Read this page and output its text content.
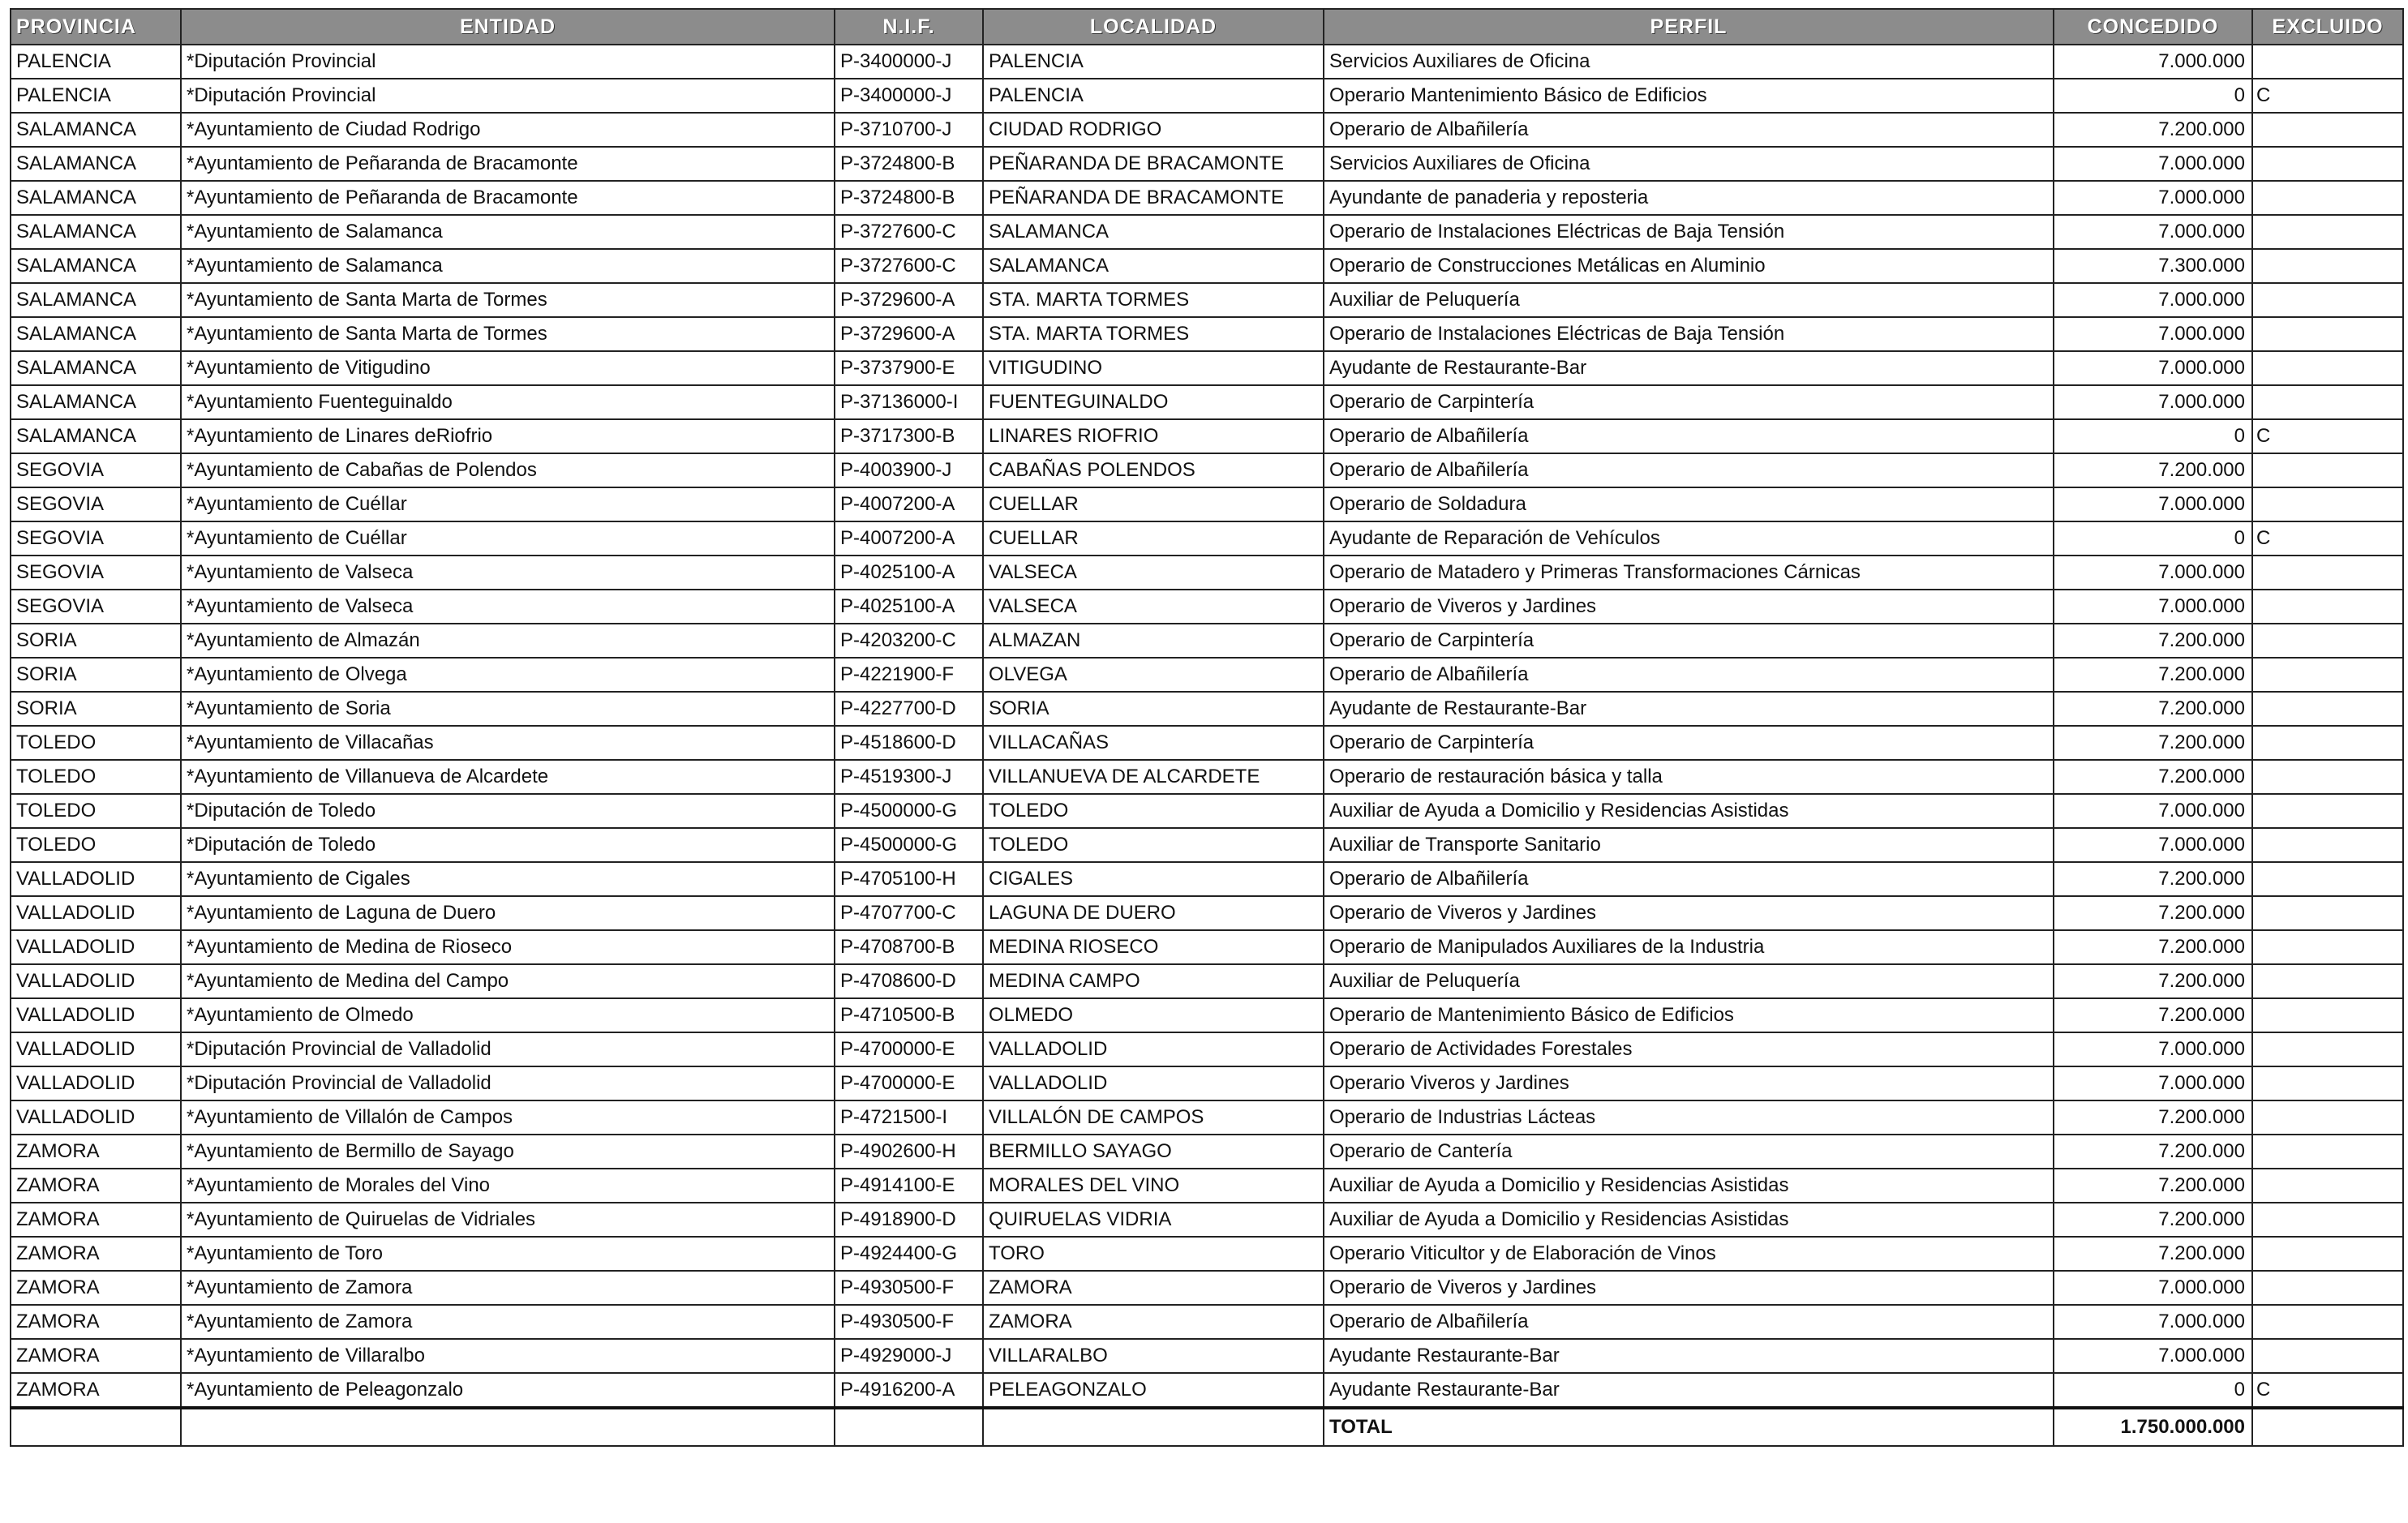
PROVINCIA	ENTIDAD	N.I.F.	LOCALIDAD	PERFIL	CONCEDIDO	EXCLUIDO
PALENCIA	*Diputación Provincial	P-3400000-J	PALENCIA	Servicios Auxiliares de Oficina	7.000.000	
PALENCIA	*Diputación Provincial	P-3400000-J	PALENCIA	Operario Mantenimiento Básico de Edificios	0	C
SALAMANCA	*Ayuntamiento de Ciudad Rodrigo	P-3710700-J	CIUDAD RODRIGO	Operario de Albañilería	7.200.000	
SALAMANCA	*Ayuntamiento de Peñaranda de Bracamonte	P-3724800-B	PEÑARANDA DE BRACAMONTE	Servicios Auxiliares de Oficina	7.000.000	
SALAMANCA	*Ayuntamiento de Peñaranda de Bracamonte	P-3724800-B	PEÑARANDA DE BRACAMONTE	Ayundante de panaderia y reposteria	7.000.000	
SALAMANCA	*Ayuntamiento de Salamanca	P-3727600-C	SALAMANCA	Operario de Instalaciones Eléctricas de Baja Tensión	7.000.000	
SALAMANCA	*Ayuntamiento de Salamanca	P-3727600-C	SALAMANCA	Operario de Construcciones Metálicas en Aluminio	7.300.000	
SALAMANCA	*Ayuntamiento de Santa Marta de Tormes	P-3729600-A	STA. MARTA TORMES	Auxiliar de Peluquería	7.000.000	
SALAMANCA	*Ayuntamiento de Santa Marta de Tormes	P-3729600-A	STA. MARTA TORMES	Operario de Instalaciones Eléctricas de Baja Tensión	7.000.000	
SALAMANCA	*Ayuntamiento de Vitigudino	P-3737900-E	VITIGUDINO	Ayudante de Restaurante-Bar	7.000.000	
SALAMANCA	*Ayuntamiento Fuenteguinaldo	P-37136000-I	FUENTEGUINALDO	Operario de Carpintería	7.000.000	
SALAMANCA	*Ayuntamiento de Linares deRiofrio	P-3717300-B	LINARES RIOFRIO	Operario de Albañilería	0	C
SEGOVIA	*Ayuntamiento de Cabañas de Polendos	P-4003900-J	CABAÑAS POLENDOS	Operario de Albañilería	7.200.000	
SEGOVIA	*Ayuntamiento de Cuéllar	P-4007200-A	CUELLAR	Operario de Soldadura	7.000.000	
SEGOVIA	*Ayuntamiento de Cuéllar	P-4007200-A	CUELLAR	Ayudante de Reparación de Vehículos	0	C
SEGOVIA	*Ayuntamiento de Valseca	P-4025100-A	VALSECA	Operario de Matadero y Primeras Transformaciones Cárnicas	7.000.000	
SEGOVIA	*Ayuntamiento de Valseca	P-4025100-A	VALSECA	Operario de Viveros y Jardines	7.000.000	
SORIA	*Ayuntamiento de Almazán	P-4203200-C	ALMAZAN	Operario de Carpintería	7.200.000	
SORIA	*Ayuntamiento de Olvega	P-4221900-F	OLVEGA	Operario de Albañilería	7.200.000	
SORIA	*Ayuntamiento de Soria	P-4227700-D	SORIA	Ayudante de Restaurante-Bar	7.200.000	
TOLEDO	*Ayuntamiento de Villacañas	P-4518600-D	VILLACAÑAS	Operario de Carpintería	7.200.000	
TOLEDO	*Ayuntamiento de Villanueva de Alcardete	P-4519300-J	VILLANUEVA DE ALCARDETE	Operario de restauración básica y talla	7.200.000	
TOLEDO	*Diputación de Toledo	P-4500000-G	TOLEDO	Auxiliar de Ayuda a Domicilio y Residencias Asistidas	7.000.000	
TOLEDO	*Diputación de Toledo	P-4500000-G	TOLEDO	Auxiliar de Transporte Sanitario	7.000.000	
VALLADOLID	*Ayuntamiento de Cigales	P-4705100-H	CIGALES	Operario de Albañilería	7.200.000	
VALLADOLID	*Ayuntamiento de Laguna de Duero	P-4707700-C	LAGUNA DE DUERO	Operario de Viveros y Jardines	7.200.000	
VALLADOLID	*Ayuntamiento de Medina de Rioseco	P-4708700-B	MEDINA RIOSECO	Operario de Manipulados Auxiliares de la Industria	7.200.000	
VALLADOLID	*Ayuntamiento de Medina del Campo	P-4708600-D	MEDINA CAMPO	Auxiliar de Peluquería	7.200.000	
VALLADOLID	*Ayuntamiento de Olmedo	P-4710500-B	OLMEDO	Operario de Mantenimiento Básico de Edificios	7.200.000	
VALLADOLID	*Diputación Provincial de Valladolid	P-4700000-E	VALLADOLID	Operario de Actividades Forestales	7.000.000	
VALLADOLID	*Diputación Provincial de Valladolid	P-4700000-E	VALLADOLID	Operario Viveros y Jardines	7.000.000	
VALLADOLID	*Ayuntamiento de Villalón de Campos	P-4721500-I	VILLALÓN DE CAMPOS	Operario de Industrias Lácteas	7.200.000	
ZAMORA	*Ayuntamiento de Bermillo de Sayago	P-4902600-H	BERMILLO SAYAGO	Operario de Cantería	7.200.000	
ZAMORA	*Ayuntamiento de Morales del Vino	P-4914100-E	MORALES DEL VINO	Auxiliar de Ayuda a Domicilio y Residencias Asistidas	7.200.000	
ZAMORA	*Ayuntamiento de Quiruelas de Vidriales	P-4918900-D	QUIRUELAS VIDRIA	Auxiliar de Ayuda a Domicilio y Residencias Asistidas	7.200.000	
ZAMORA	*Ayuntamiento de Toro	P-4924400-G	TORO	Operario Viticultor y de Elaboración de Vinos	7.200.000	
ZAMORA	*Ayuntamiento de Zamora	P-4930500-F	ZAMORA	Operario de Viveros y Jardines	7.000.000	
ZAMORA	*Ayuntamiento de Zamora	P-4930500-F	ZAMORA	Operario de Albañilería	7.000.000	
ZAMORA	*Ayuntamiento de Villaralbo	P-4929000-J	VILLARALBO	Ayudante Restaurante-Bar	7.000.000	
ZAMORA	*Ayuntamiento de Peleagonzalo	P-4916200-A	PELEAGONZALO	Ayudante Restaurante-Bar	0	C
				TOTAL	1.750.000.000	
